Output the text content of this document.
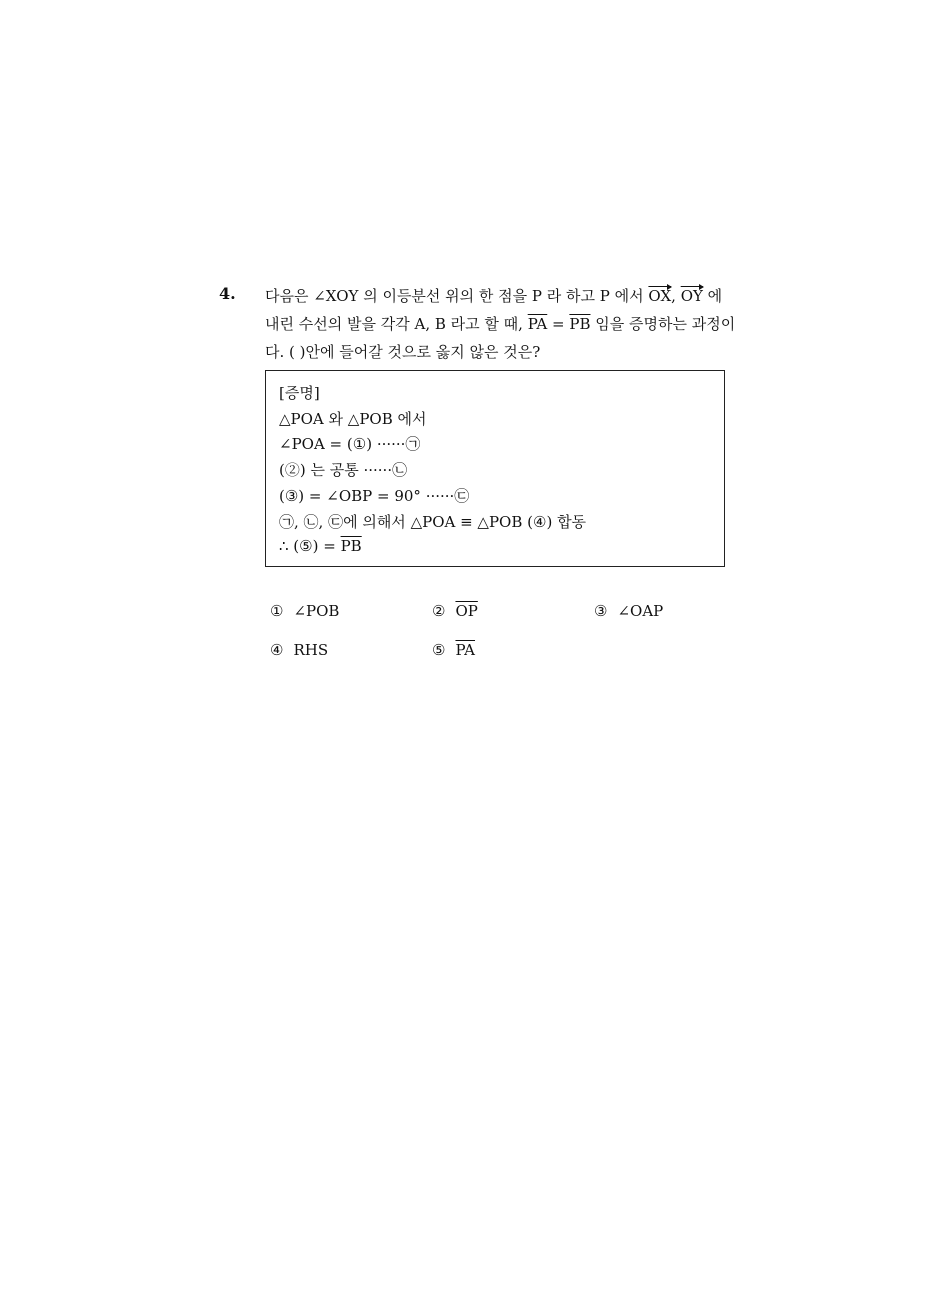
4. 다음은 ∠XOY 의 이등분선 위의 한 점을 P 라 하고 P 에서 $\overline{OX}$, $\overline{OY}$ 에
내린 수선의 발을 각각 A, B 라고 할 때, $\overline{PA} = \overline{PB}$ 임을 증명하는 과정이
다. ( )안에 들어갈 것으로 옳지 않은 것은?
[증명]
△POA 와 △POB 에서
∠POA = (①) ······㉠
(②) 는 공통 ······㉡
(③) = ∠OBP = 90° ······㉢
㉠, ㉡, ㉢에 의해서 △POA ≡ △POB (④) 합동
∴ (⑤) = $\overline{PB}$
① ∠POB	② $\overline{OP}$	③ ∠OAP
④ RHS	⑤ $\overline{PA}$
